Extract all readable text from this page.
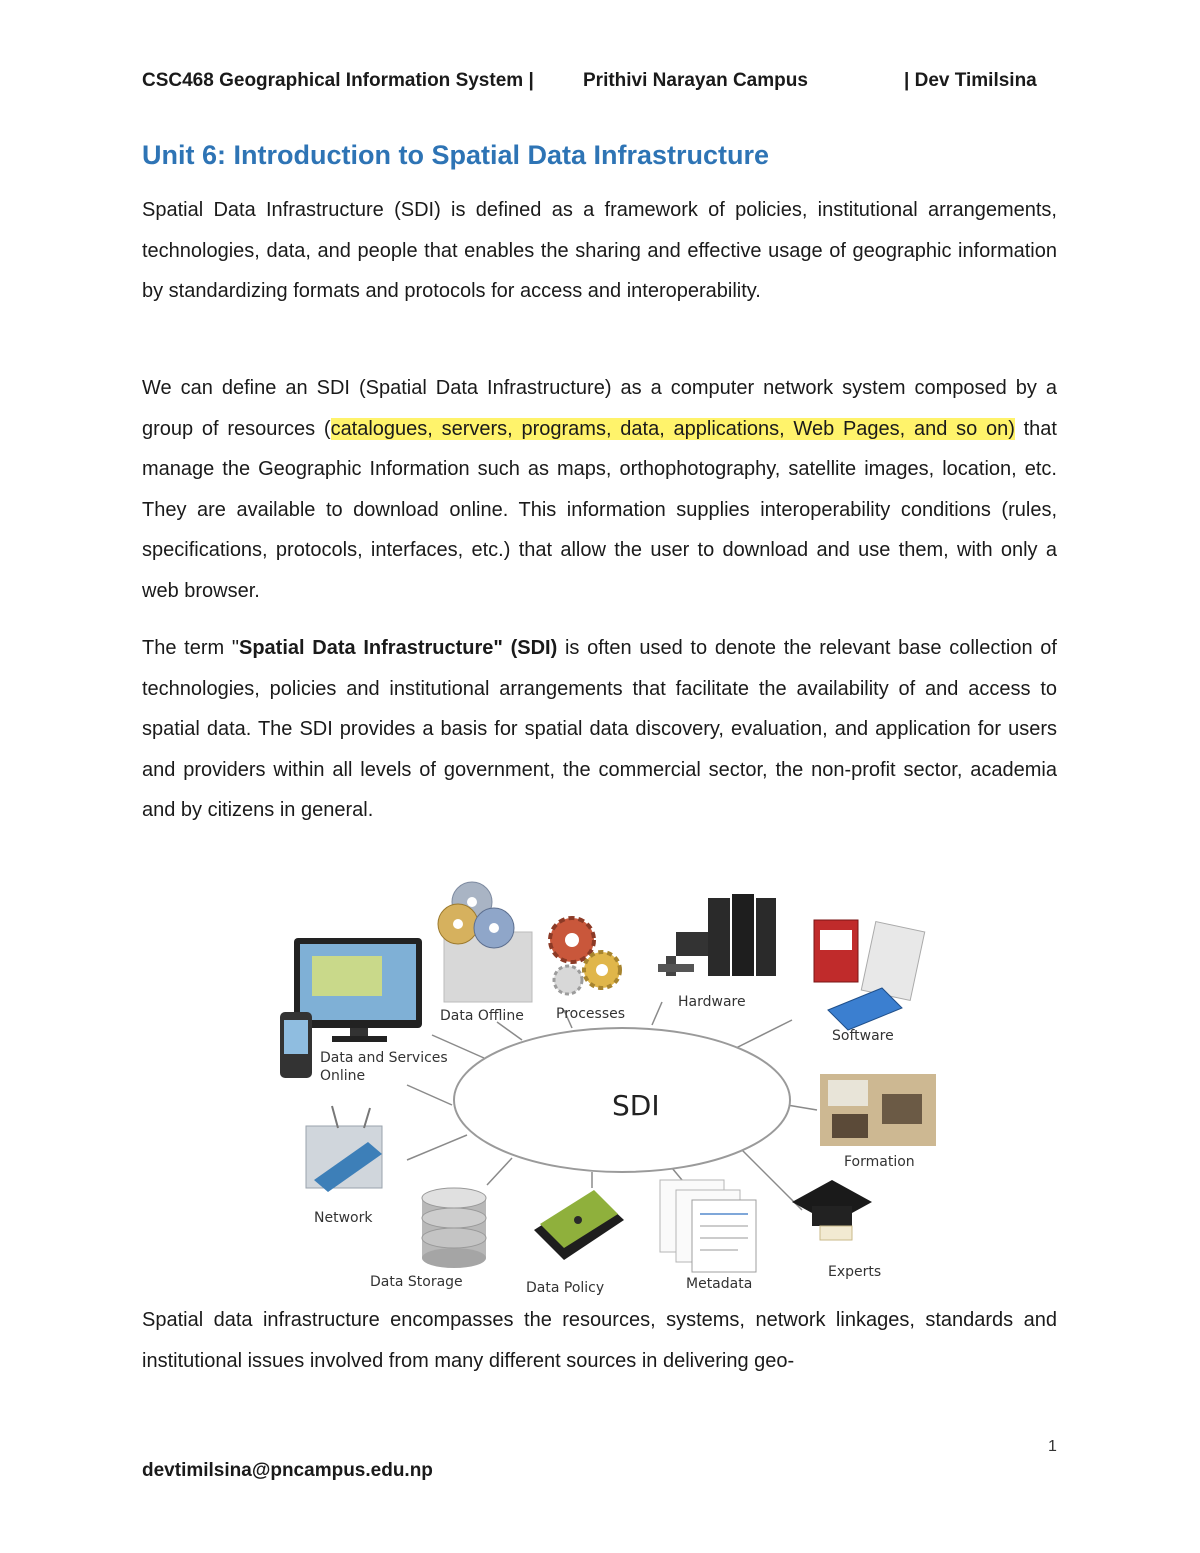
CSC468 Geographical Information System |	Prithivi Narayan Campus	| Dev Timilsina
Unit 6: Introduction to Spatial Data Infrastructure

Spatial Data Infrastructure (SDI) is defined as a framework of policies, institutional arrangements, technologies, data, and people that enables the sharing and effective usage of geographic information by standardizing formats and protocols for access and interoperability.

We can define an SDI (Spatial Data Infrastructure) as a computer network system composed by a group of resources (catalogues, servers, programs, data, applications, Web Pages, and so on) that manage the Geographic Information such as maps, orthophotography, satellite images, location, etc. They are available to download online. This information supplies interoperability conditions (rules, specifications, protocols, interfaces, etc.) that allow the user to download and use them, with only a web browser.

The term "Spatial Data Infrastructure" (SDI) is often used to denote the relevant base collection of technologies, policies and institutional arrangements that facilitate the availability of and access to spatial data. The SDI provides a basis for spatial data discovery, evaluation, and application for users and providers within all levels of government, the commercial sector, the non-profit sector, academia and by citizens in general.

SDI
Data and Services
Online
Data Offline Processes
Hardware
Software
Formation
Experts
Metadata
Data Policy
Data Storage
Network

Spatial data infrastructure encompasses the resources, systems, network linkages, standards and institutional issues involved from many different sources in delivering geo-

1
devtimilsina@pncampus.edu.np
